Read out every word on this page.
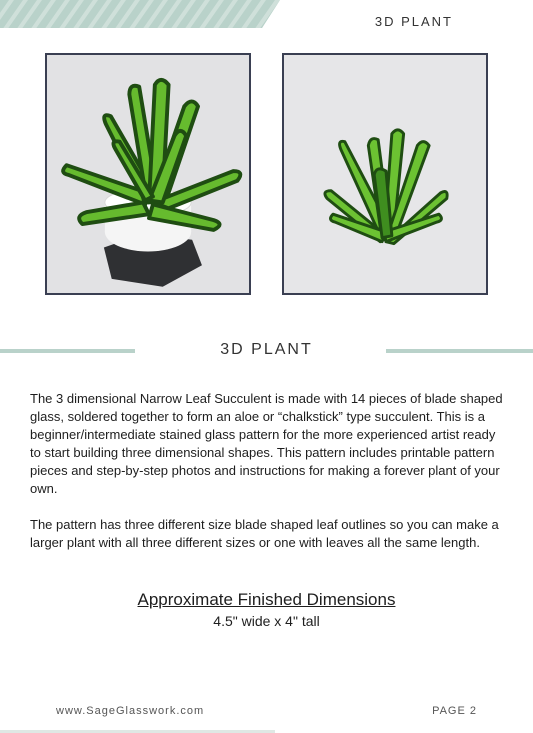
3D PLANT
3D PLANT

The 3 dimensional Narrow Leaf Succulent is made with 14 pieces of blade shaped glass, soldered together to form an aloe or “chalkstick” type succulent. This is a beginner/intermediate stained glass pattern for the more experienced artist ready to start building three dimensional shapes. This pattern includes printable pattern pieces and step-by-step photos and instructions for making a forever plant of your own.

The pattern has three different size blade shaped leaf outlines so you can make a larger plant with all three different sizes or one with leaves all the same length.

Approximate Finished Dimensions
4.5" wide x 4" tall
www.SageGlasswork.com	PAGE 2
